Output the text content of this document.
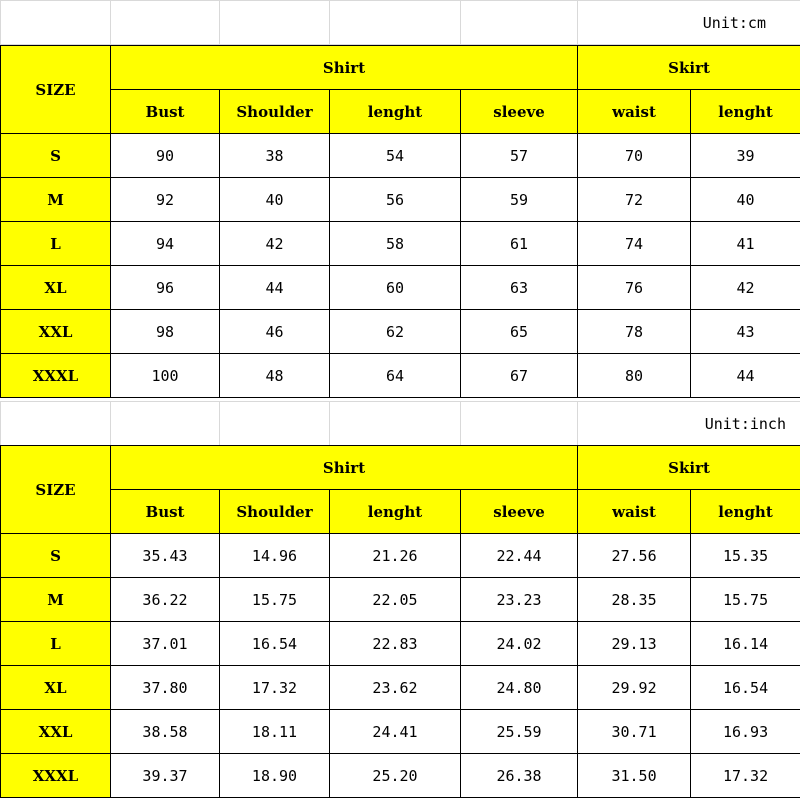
					Unit:cm
SIZE	Shirt				Skirt	
	Bust	Shoulder	lenght	sleeve	waist	lenght
S	90	38	54	57	70	39
M	92	40	56	59	72	40
L	94	42	58	61	74	41
XL	96	44	60	63	76	42
XXL	98	46	62	65	78	43
XXXL	100	48	64	67	80	44
					Unit:inch
SIZE	Shirt				Skirt	
	Bust	Shoulder	lenght	sleeve	waist	lenght
S	35.43	14.96	21.26	22.44	27.56	15.35
M	36.22	15.75	22.05	23.23	28.35	15.75
L	37.01	16.54	22.83	24.02	29.13	16.14
XL	37.80	17.32	23.62	24.80	29.92	16.54
XXL	38.58	18.11	24.41	25.59	30.71	16.93
XXXL	39.37	18.90	25.20	26.38	31.50	17.32
